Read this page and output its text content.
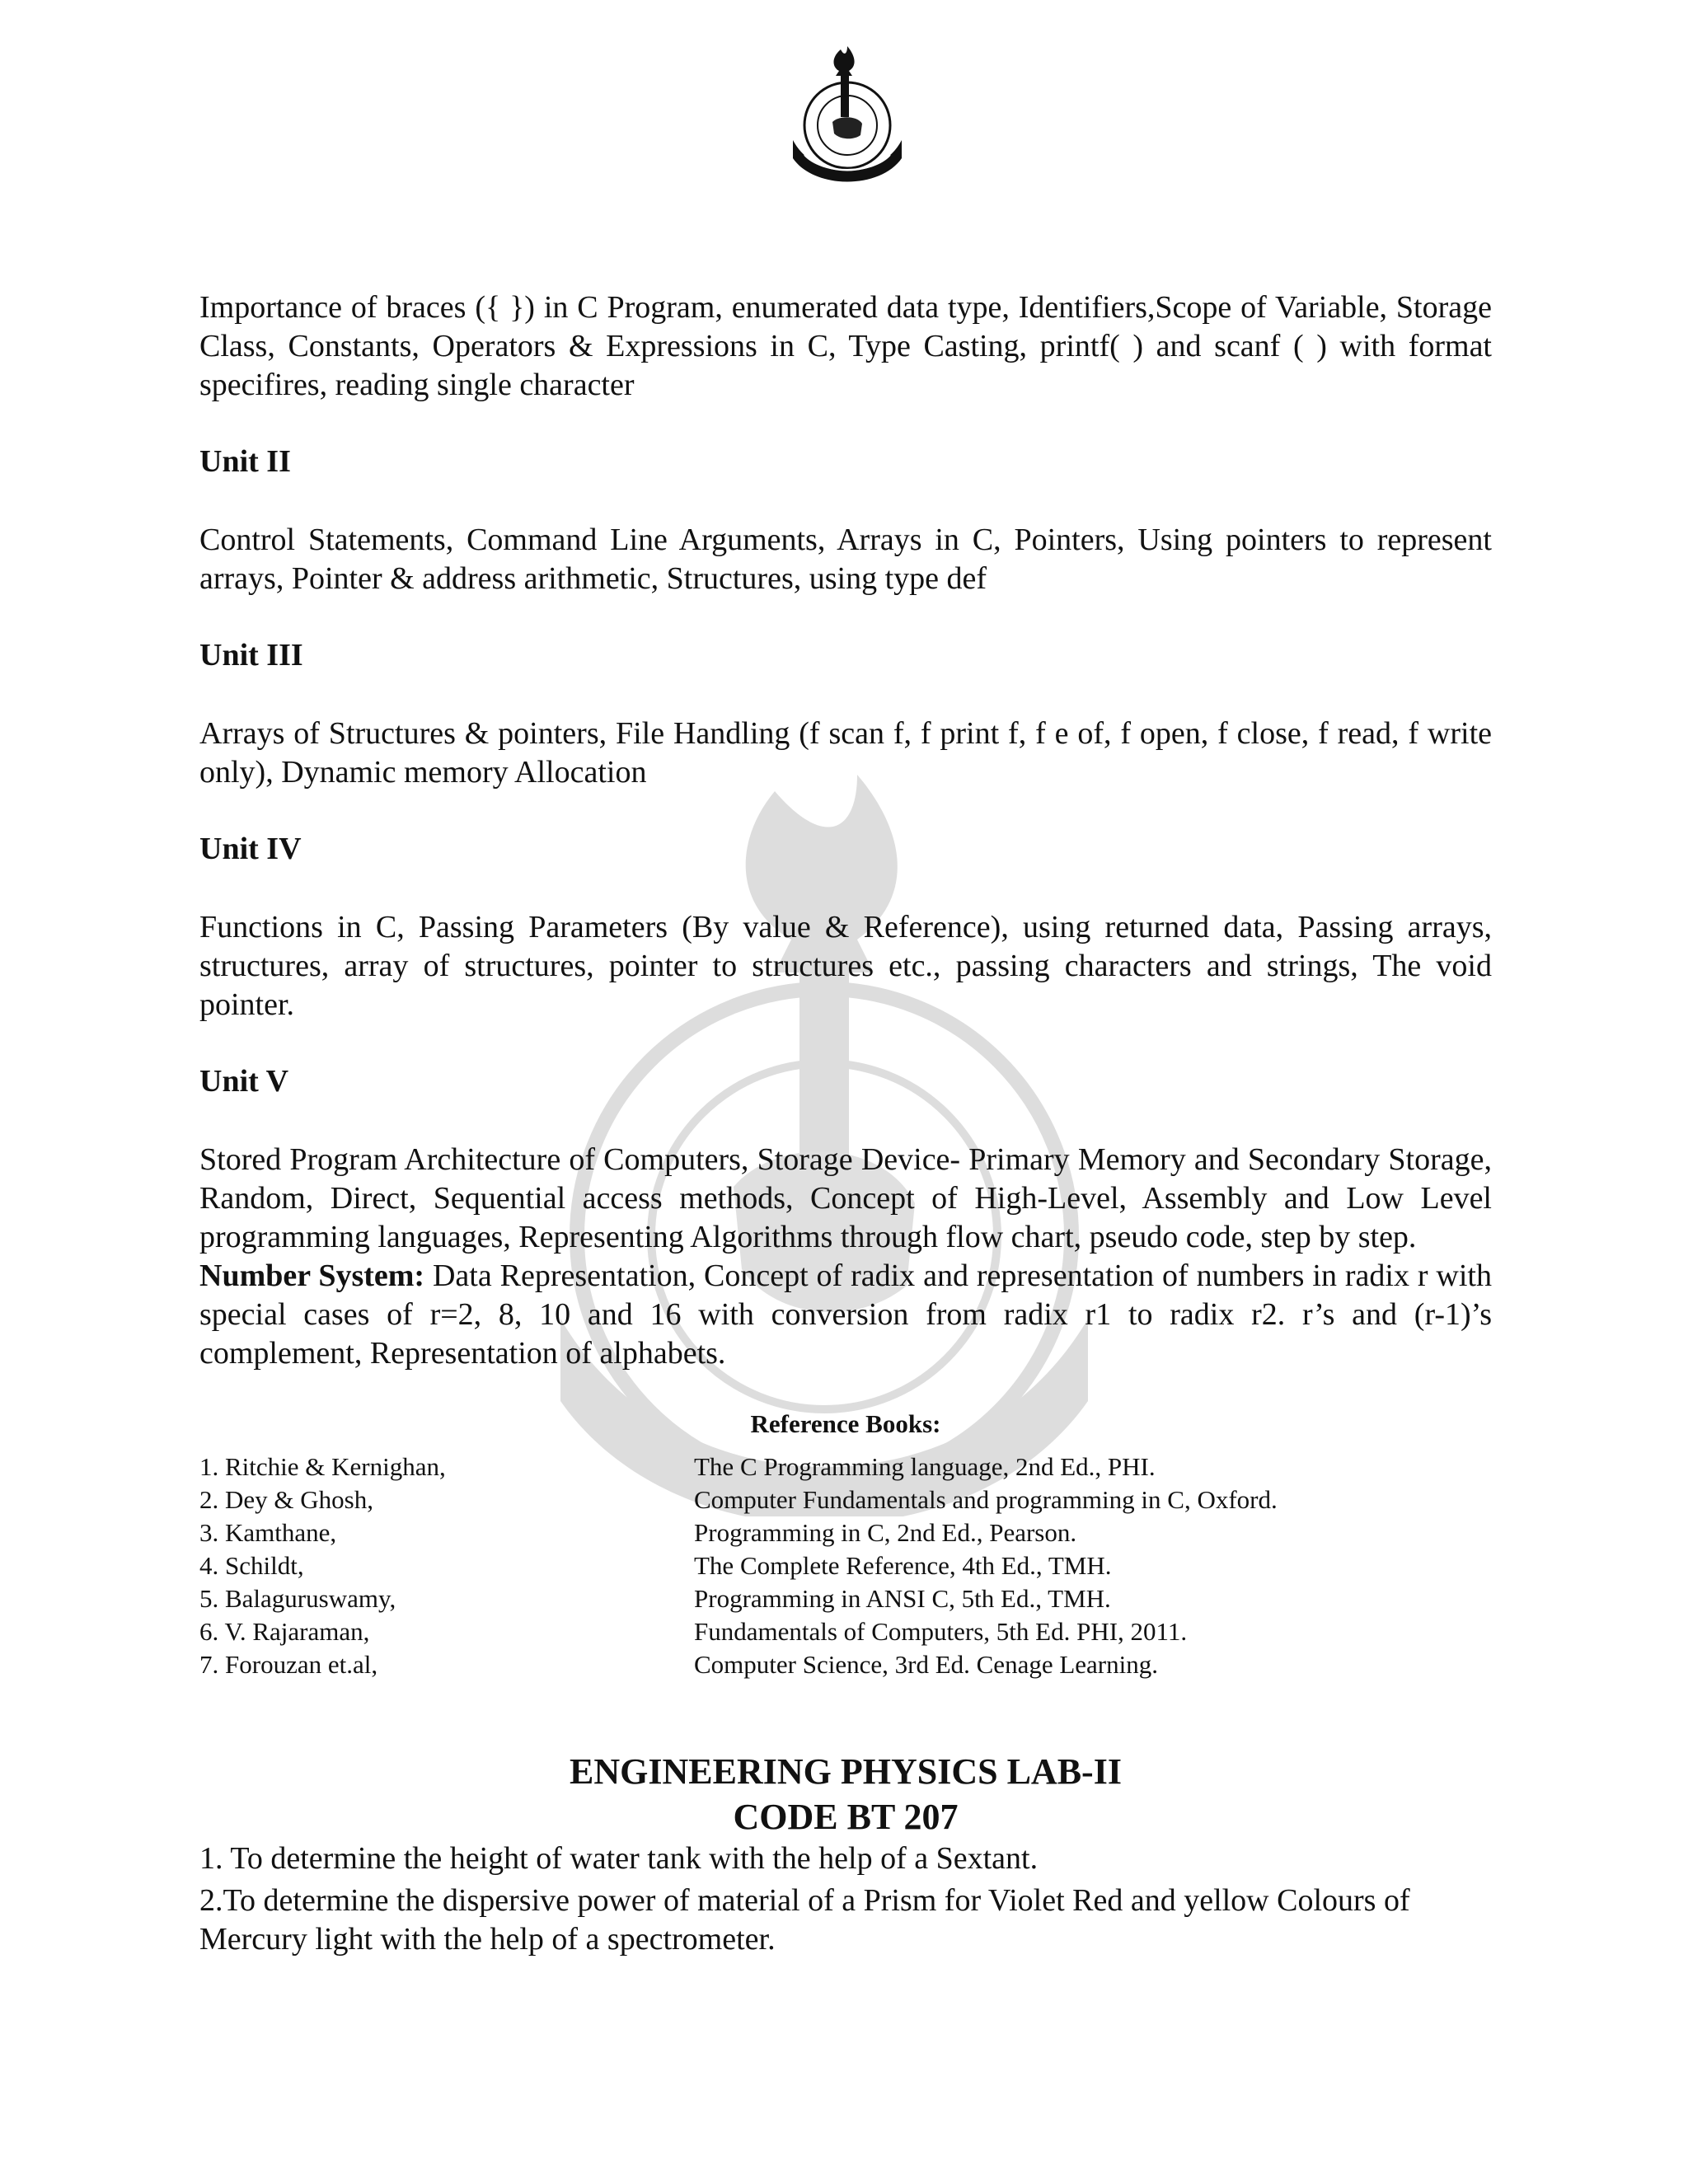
Importance of braces ({ }) in C Program, enumerated data type, Identifiers,Scope of Variable, Storage Class, Constants, Operators & Expressions in C, Type Casting, printf( ) and scanf ( ) with format specifires, reading single character

Unit II

Control Statements, Command Line Arguments, Arrays in C, Pointers, Using pointers to represent arrays, Pointer & address arithmetic, Structures, using type def

Unit III

Arrays of Structures & pointers, File Handling (f scan f, f print f, f e of, f open, f close, f read, f write only), Dynamic memory Allocation

Unit IV

Functions in C, Passing Parameters (By value & Reference), using returned data, Passing arrays, structures, array of structures, pointer to structures etc., passing characters and strings, The void pointer.

Unit V

Stored Program Architecture of Computers, Storage Device- Primary Memory and Secondary Storage, Random, Direct, Sequential access methods, Concept of High-Level, Assembly and Low Level programming languages, Representing Algorithms through flow chart, pseudo code, step by step.

Number System: Data Representation, Concept of radix and representation of numbers in radix r with special cases of r=2, 8, 10 and 16 with conversion from radix r1 to radix r2. r’s and (r-1)’s complement, Representation of alphabets.

Reference Books:
1. Ritchie & Kernighan,	The C Programming language, 2nd Ed., PHI.
2. Dey & Ghosh,	Computer Fundamentals and programming in C, Oxford.
3. Kamthane,	Programming in C, 2nd Ed., Pearson.
4. Schildt,	The Complete Reference, 4th Ed., TMH.
5. Balaguruswamy,	Programming in ANSI C, 5th Ed., TMH.
6. V. Rajaraman,	Fundamentals of Computers, 5th Ed. PHI, 2011.
7. Forouzan et.al,	Computer Science, 3rd Ed. Cenage Learning.

ENGINEERING PHYSICS LAB-II

CODE BT 207

1. To determine the height of water tank with the help of a Sextant.

2.To determine the dispersive power of material of a Prism for Violet Red and yellow Colours of Mercury light with the help of a spectrometer.
